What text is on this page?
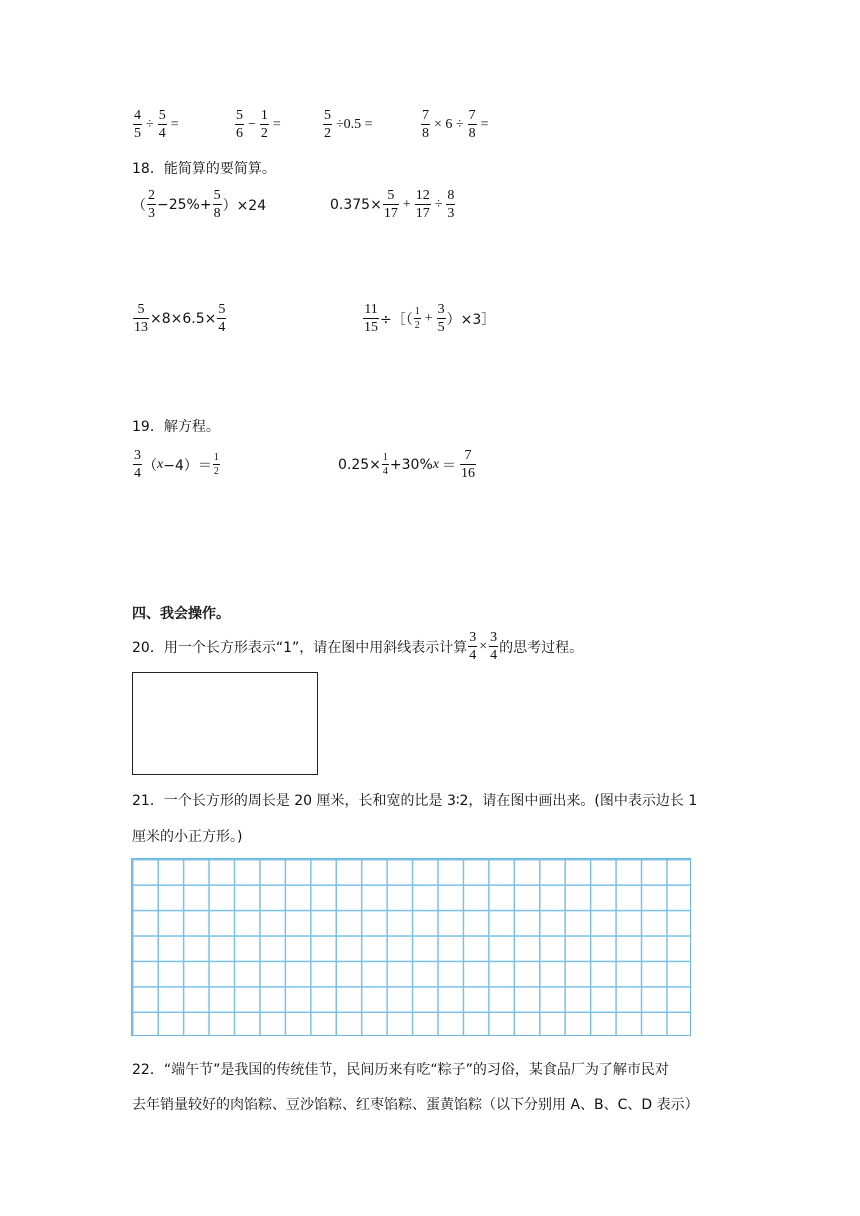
$\frac{4}{5} \div \frac{5}{4}$ =	$\frac{5}{6} - \frac{1}{2}$ =	$\frac{5}{2} \div 0.5$ =	$\frac{7}{8} \times 6 \div \frac{7}{8}$ =
18．能简算的要简算。
（ $\frac{2}{3} -25\%+ \frac{5}{8} )\times 24$	$0.375\times \frac{5}{17} + \frac{12}{17} \div \frac{8}{3}$
$\frac{5}{13} \times 8\times 6.5\times \frac{5}{4}$	$\frac{11}{15}$ ÷［（ $\frac{1}{2} + \frac{3}{5}$ ）×3］
19．解方程。
$\frac{3}{4}$ （ $x -4)= \frac{1}{2}$	$0.25\times \frac{1}{4} +30\%$ $x = \frac{7}{16}$
四、我会操作。
20．用一个长方形表示“1”，请在图中用斜线表示计算 $\frac{3}{4} \times \frac{3}{4}$ 的思考过程。
21．一个长方形的周长是 20 厘米，长和宽的比是 3∶2，请在图中画出来。(图中表示边长 1
厘米的小正方形。)
22．“端午节”是我国的传统佳节，民间历来有吃“粽子”的习俗，某食品厂为了解市民对
去年销量较好的肉馅粽、豆沙馅粽、红枣馅粽、蛋黄馅粽（以下分别用 A、B、C、D 表示）
